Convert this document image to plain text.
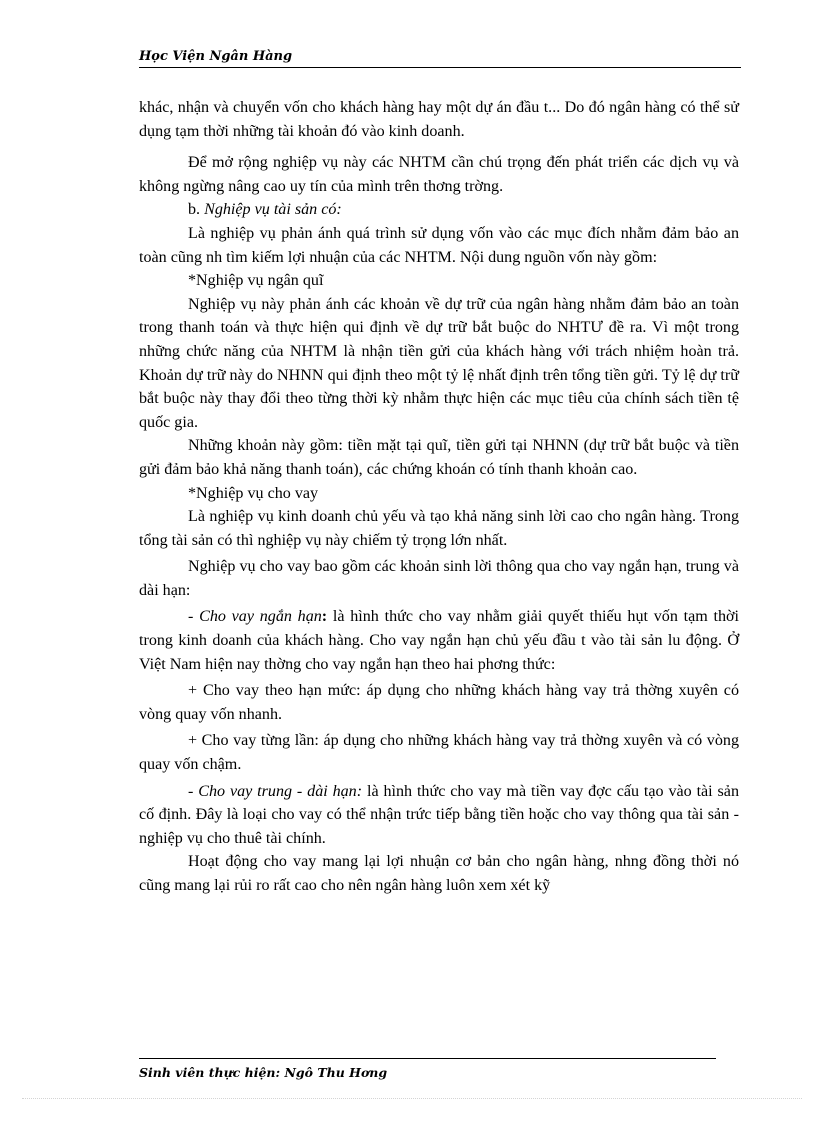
Học Viện Ngân Hàng

khác, nhận và chuyển vốn cho khách hàng hay một dự án đầu t... Do đó ngân hàng có thể sử dụng tạm thời những tài khoản đó vào kinh doanh.

Để mở rộng nghiệp vụ này các NHTM cần chú trọng đến phát triển các dịch vụ và không ngừng nâng cao uy tín của mình trên thơng trờng.

b. Nghiệp vụ tài sản có:

Là nghiệp vụ phản ánh quá trình sử dụng vốn vào các mục đích nhằm đảm bảo an toàn cũng nh tìm kiếm lợi nhuận của các NHTM. Nội dung nguồn vốn này gồm:

*Nghiệp vụ ngân quĩ

Nghiệp vụ này phản ánh các khoản về dự trữ của ngân hàng nhằm đảm bảo an toàn trong thanh toán và thực hiện qui định về dự trữ bắt buộc do NHTƯ đề ra. Vì một trong những chức năng của NHTM là nhận tiền gửi của khách hàng với trách nhiệm hoàn trả. Khoản dự trữ này do NHNN qui định theo một tỷ lệ nhất định trên tổng tiền gửi. Tỷ lệ dự trữ bắt buộc này thay đổi theo từng thời kỳ nhằm thực hiện các mục tiêu của chính sách tiền tệ quốc gia.

Những khoản này gồm: tiền mặt tại quĩ, tiền gửi tại NHNN (dự trữ bắt buộc và tiền gửi đảm bảo khả năng thanh toán), các chứng khoán có tính thanh khoản cao.

*Nghiệp vụ cho vay

Là nghiệp vụ kinh doanh chủ yếu và tạo khả năng sinh lời cao cho ngân hàng. Trong tổng tài sản có thì nghiệp vụ này chiếm tỷ trọng lớn nhất.

Nghiệp vụ cho vay bao gồm các khoản sinh lời thông qua cho vay ngắn hạn, trung và dài hạn:

- Cho vay ngắn hạn: là hình thức cho vay nhằm giải quyết thiếu hụt vốn tạm thời trong kinh doanh của khách hàng. Cho vay ngắn hạn chủ yếu đầu t vào tài sản lu động. Ở Việt Nam hiện nay thờng cho vay ngắn hạn theo hai phơng thức:

+ Cho vay theo hạn mức: áp dụng cho những khách hàng vay trả thờng xuyên có vòng quay vốn nhanh.

+ Cho vay từng lần: áp dụng cho những khách hàng vay trả thờng xuyên và có vòng quay vốn chậm.

- Cho vay trung - dài hạn: là hình thức cho vay mà tiền vay đợc cấu tạo vào tài sản cố định. Đây là loại cho vay có thể nhận trức tiếp bằng tiền hoặc cho vay thông qua tài sản - nghiệp vụ cho thuê tài chính.

Hoạt động cho vay mang lại lợi nhuận cơ bản cho ngân hàng, nhng đồng thời nó cũng mang lại rủi ro rất cao cho nên ngân hàng luôn xem xét kỹ

Sinh viên thực hiện: Ngô Thu Hơng
